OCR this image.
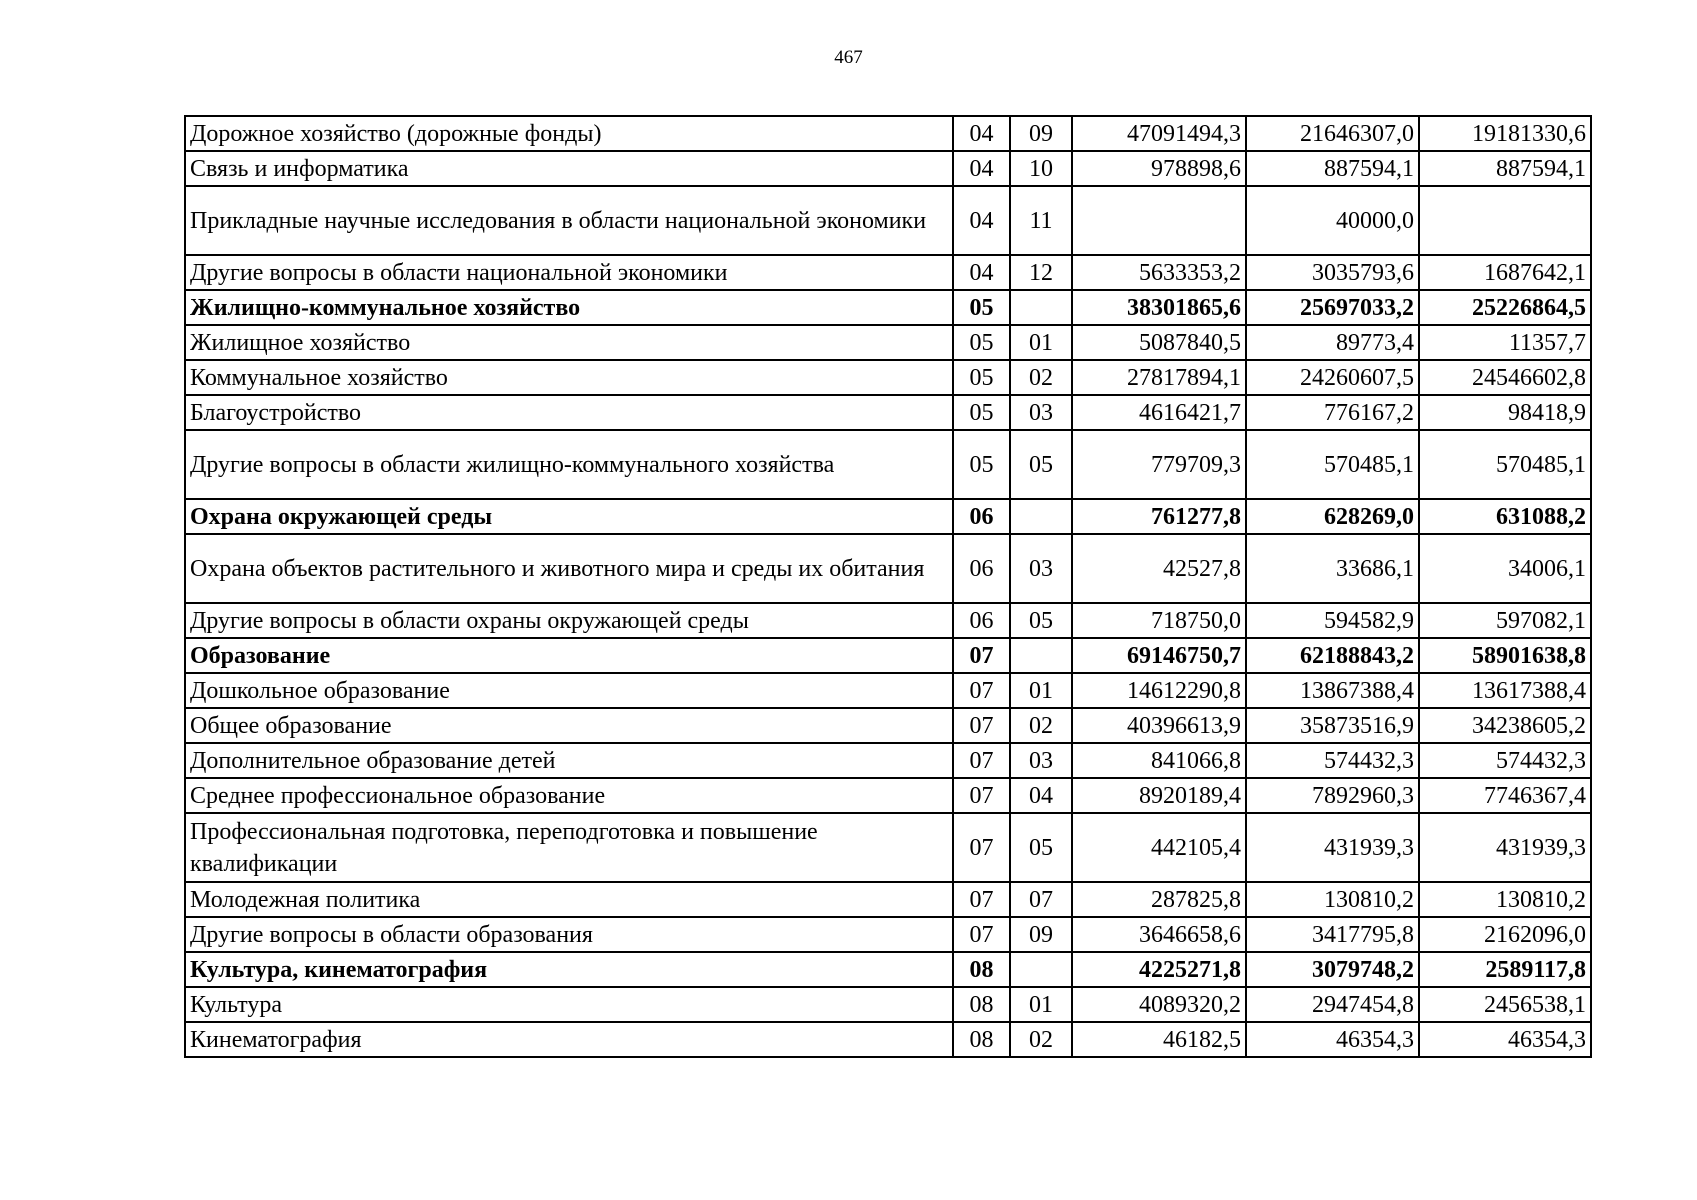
467
Дорожное хозяйство (дорожные фонды)	04	09	47091494,3	21646307,0	19181330,6
Связь и информатика	04	10	978898,6	887594,1	887594,1
Прикладные научные исследования в области национальной экономики	04	11		40000,0	
Другие вопросы в области национальной экономики	04	12	5633353,2	3035793,6	1687642,1
Жилищно-коммунальное хозяйство	05		38301865,6	25697033,2	25226864,5
Жилищное хозяйство	05	01	5087840,5	89773,4	11357,7
Коммунальное хозяйство	05	02	27817894,1	24260607,5	24546602,8
Благоустройство	05	03	4616421,7	776167,2	98418,9
Другие вопросы в области жилищно-коммунального хозяйства	05	05	779709,3	570485,1	570485,1
Охрана окружающей среды	06		761277,8	628269,0	631088,2
Охрана объектов растительного и животного мира и среды их обитания	06	03	42527,8	33686,1	34006,1
Другие вопросы в области охраны окружающей среды	06	05	718750,0	594582,9	597082,1
Образование	07		69146750,7	62188843,2	58901638,8
Дошкольное образование	07	01	14612290,8	13867388,4	13617388,4
Общее образование	07	02	40396613,9	35873516,9	34238605,2
Дополнительное образование детей	07	03	841066,8	574432,3	574432,3
Среднее профессиональное образование	07	04	8920189,4	7892960,3	7746367,4
Профессиональная подготовка, переподготовка и повышение квалификации	07	05	442105,4	431939,3	431939,3
Молодежная политика	07	07	287825,8	130810,2	130810,2
Другие вопросы в области образования	07	09	3646658,6	3417795,8	2162096,0
Культура, кинематография	08		4225271,8	3079748,2	2589117,8
Культура	08	01	4089320,2	2947454,8	2456538,1
Кинематография	08	02	46182,5	46354,3	46354,3
